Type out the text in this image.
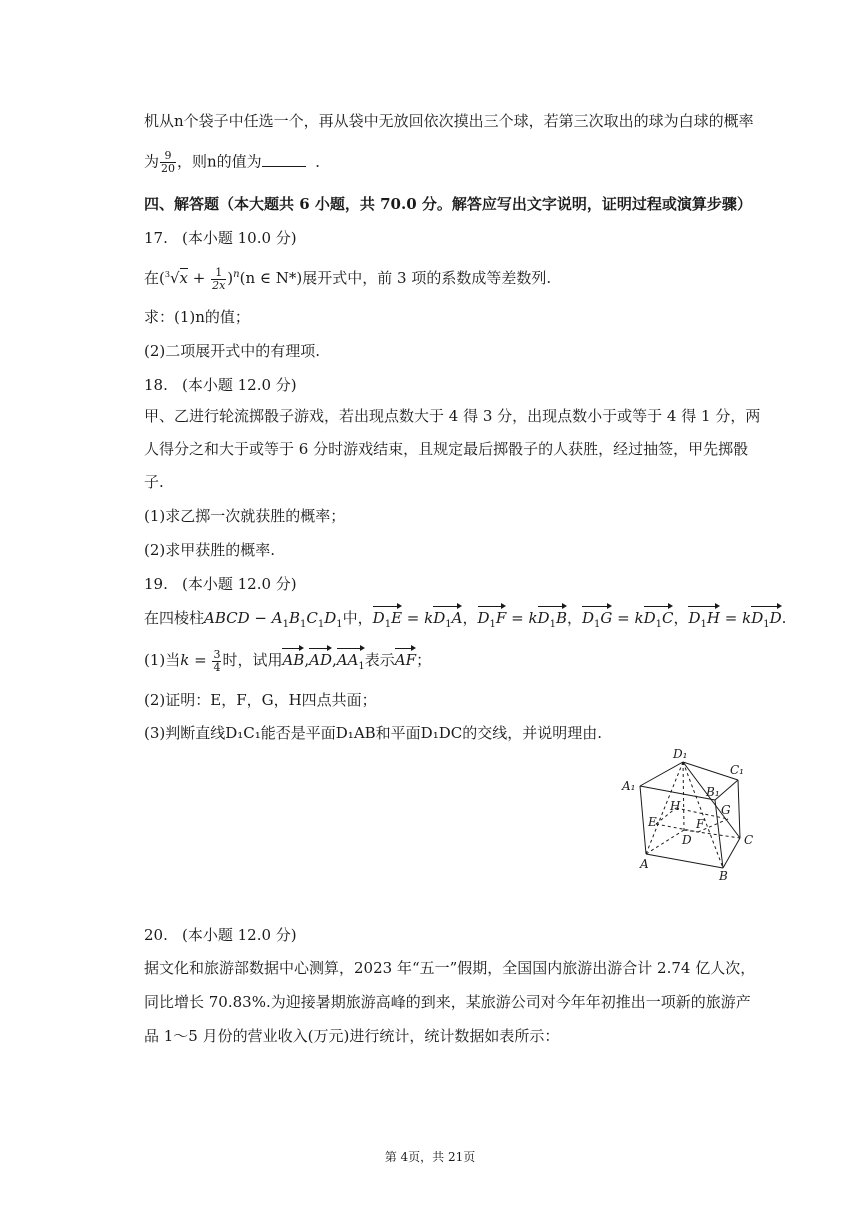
机从n个袋子中任选一个，再从袋中无放回依次摸出三个球，若第三次取出的球为白球的概率
为 $\frac{9}{20}$ ，则n的值为	．
四、解答题（本大题共 6 小题，共 70.0 分。解答应写出文字说明，证明过程或演算步骤）
17. (本小题 10.0 分)
在$(^3√x + \frac{1}{2x} )^n(n$ ∈ N*)展开式中，前 3 项的系数成等差数列.
求：(1)n的值；
(2)二项展开式中的有理项.
18. (本小题 12.0 分)
甲、乙进行轮流掷骰子游戏，若出现点数大于 4 得 3 分，出现点数小于或等于 4 得 1 分，两
人得分之和大于或等于 6 分时游戏结束，且规定最后掷骰子的人获胜，经过抽签，甲先掷骰
子.
(1)求乙掷一次就获胜的概率；
(2)求甲获胜的概率.
19. (本小题 12.0 分)
在四棱柱ABCD − $A_1B_1C_1D_1$中，$D_1E = kD_1A$，$D_1F = kD_1B$，$D_1G = kD_1C$，$D_1H = kD_1D$.
(1)当$k = \frac{3}{4}$ 时，试用$AB,AD,AA_1$表示AF；
(2)证明：E，F，G，H四点共面；
(3)判断直线D₁C₁能否是平面D₁AB和平面D₁DC的交线，并说明理由.
D₁
C₁
A₁	B₁
H	G
E	F
D	C
A
B
20. (本小题 12.0 分)
据文化和旅游部数据中心测算，2023 年“五一”假期，全国国内旅游出游合计 2.74 亿人次，
同比增长 70.83%.为迎接暑期旅游高峰的到来，某旅游公司对今年年初推出一项新的旅游产
品 1～5 月份的营业收入(万元)进行统计，统计数据如表所示：
第 4页，共 21页
